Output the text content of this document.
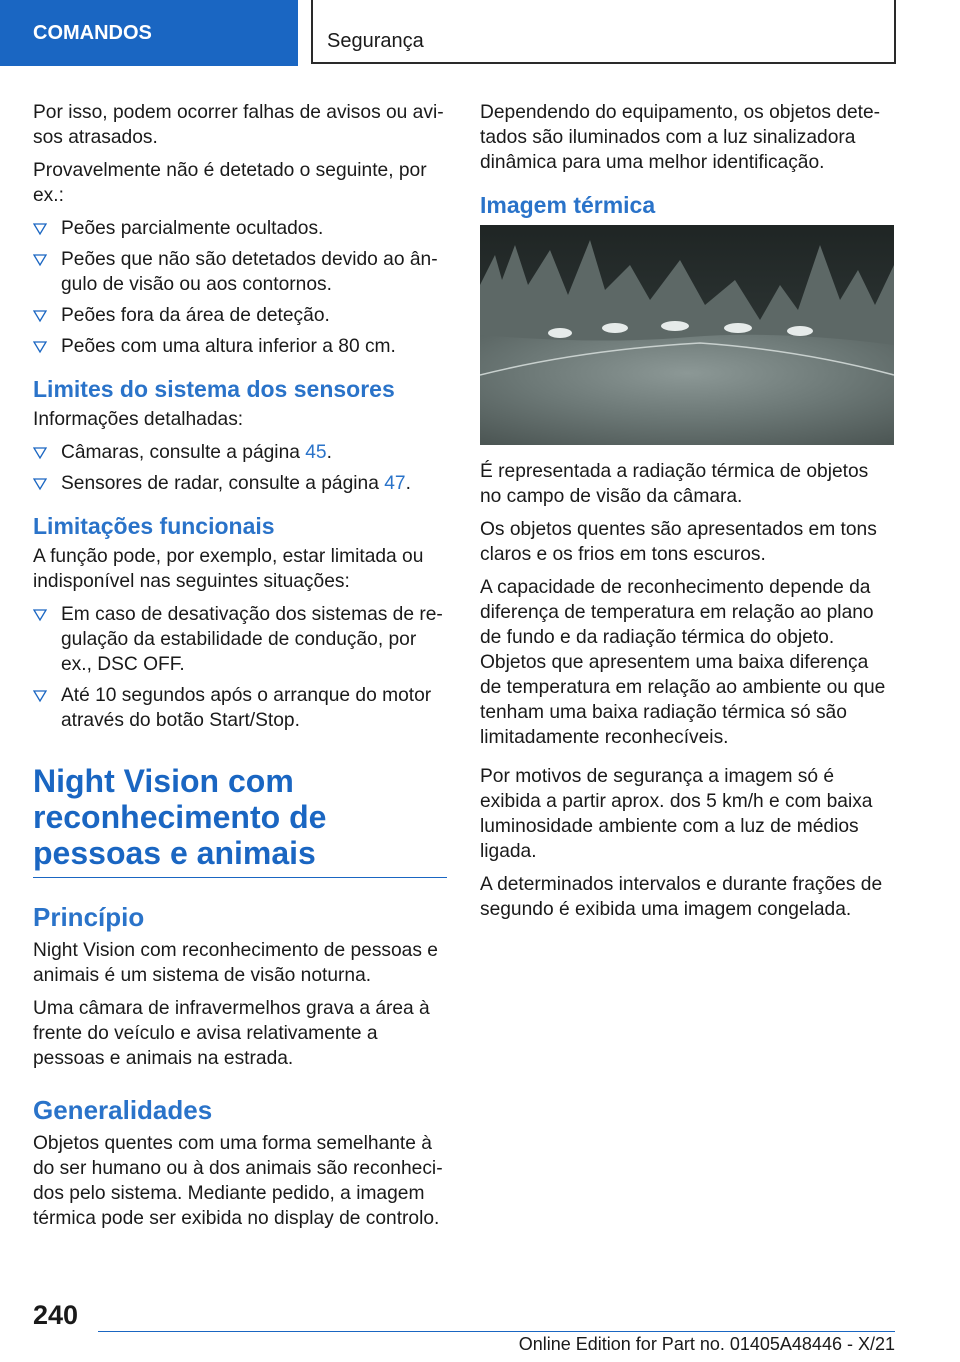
COMANDOS	Segurança

Por isso, podem ocorrer falhas de avisos ou avisos atrasados.

Provavelmente não é detetado o seguinte, por ex.:

Peões parcialmente ocultados.
Peões que não são detetados devido ao ângulo de visão ou aos contornos.
Peões fora da área de deteção.
Peões com uma altura inferior a 80 cm.
Limites do sistema dos sensores

Informações detalhadas:

Câmaras, consulte a página 45.
Sensores de radar, consulte a página 47.
Limitações funcionais

A função pode, por exemplo, estar limitada ou indisponível nas seguintes situações:

Em caso de desativação dos sistemas de regulação da estabilidade de condução, por ex., DSC OFF.
Até 10 segundos após o arranque do motor através do botão Start/Stop.
Night Vision com reconhecimento de pessoas e animais
Princípio

Night Vision com reconhecimento de pessoas e animais é um sistema de visão noturna.

Uma câmara de infravermelhos grava a área à frente do veículo e avisa relativamente a pessoas e animais na estrada.

Generalidades

Objetos quentes com uma forma semelhante à do ser humano ou à dos animais são reconhecidos pelo sistema. Mediante pedido, a imagem térmica pode ser exibida no display de controlo.

Dependendo do equipamento, os objetos detetados são iluminados com a luz sinalizadora dinâmica para uma melhor identificação.

Imagem térmica

É representada a radiação térmica de objetos no campo de visão da câmara.

Os objetos quentes são apresentados em tons claros e os frios em tons escuros.

A capacidade de reconhecimento depende da diferença de temperatura em relação ao plano de fundo e da radiação térmica do objeto. Objetos que apresentem uma baixa diferença de temperatura em relação ao ambiente ou que tenham uma baixa radiação térmica só são limitadamente reconhecíveis.

Por motivos de segurança a imagem só é exibida a partir aprox. dos 5 km/h e com baixa luminosidade ambiente com a luz de médios ligada.

A determinados intervalos e durante frações de segundo é exibida uma imagem congelada.

240
Online Edition for Part no. 01405A48446 - X/21
